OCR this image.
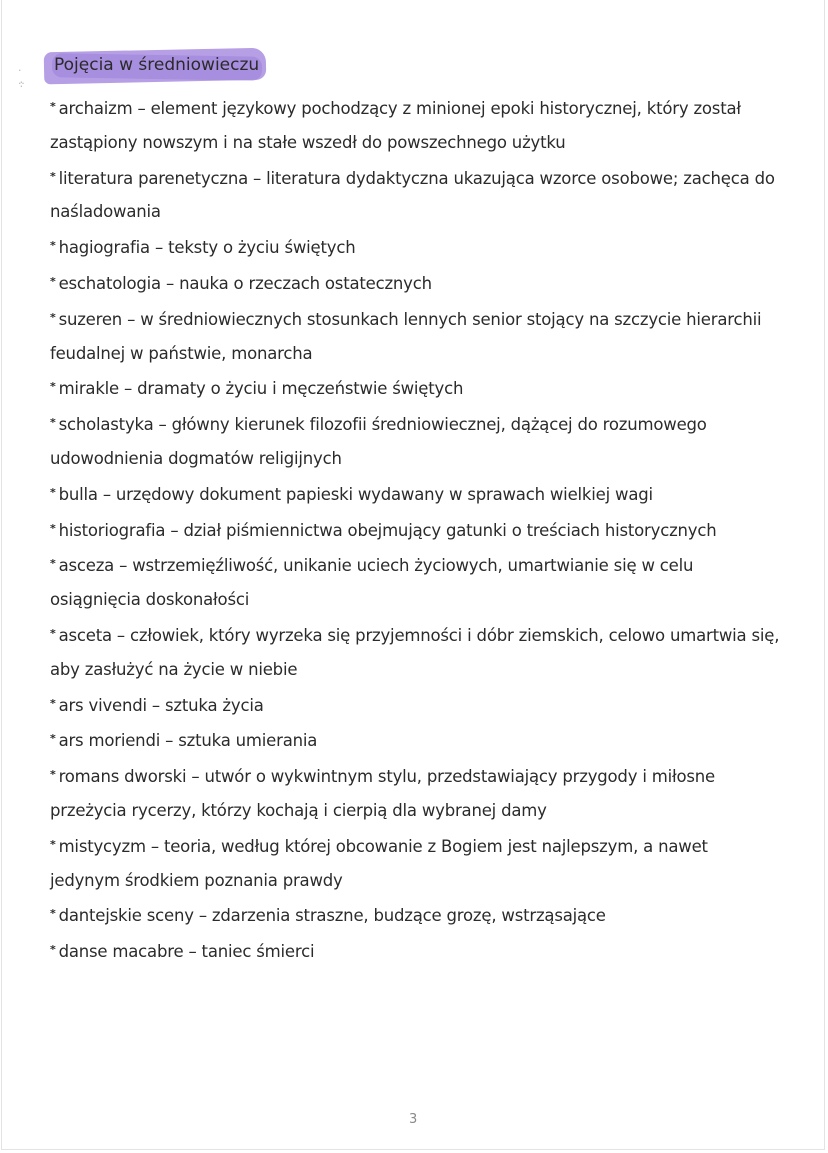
· ·:·
Pojęcia w średniowieczu

* archaizm – element językowy pochodzący z minionej epoki historycznej, który został zastąpiony nowszym i na stałe wszedł do powszechnego użytku

* literatura parenetyczna – literatura dydaktyczna ukazująca wzorce osobowe; zachęca do naśladowania

* hagiografia – teksty o życiu świętych

* eschatologia – nauka o rzeczach ostatecznych

* suzeren – w średniowiecznych stosunkach lennych senior stojący na szczycie hierarchii feudalnej w państwie, monarcha

* mirakle – dramaty o życiu i męczeństwie świętych

* scholastyka – główny kierunek filozofii średniowiecznej, dążącej do rozumowego udowodnienia dogmatów religijnych

* bulla – urzędowy dokument papieski wydawany w sprawach wielkiej wagi

* historiografia – dział piśmiennictwa obejmujący gatunki o treściach historycznych

* asceza – wstrzemięźliwość, unikanie uciech życiowych, umartwianie się w celu osiągnięcia doskonałości

* asceta – człowiek, który wyrzeka się przyjemności i dóbr ziemskich, celowo umartwia się, aby zasłużyć na życie w niebie

* ars vivendi – sztuka życia

* ars moriendi – sztuka umierania

* romans dworski – utwór o wykwintnym stylu, przedstawiający przygody i miłosne przeżycia rycerzy, którzy kochają i cierpią dla wybranej damy

* mistycyzm – teoria, według której obcowanie z Bogiem jest najlepszym, a nawet jedynym środkiem poznania prawdy

* dantejskie sceny – zdarzenia straszne, budzące grozę, wstrząsające

* danse macabre – taniec śmierci

3
